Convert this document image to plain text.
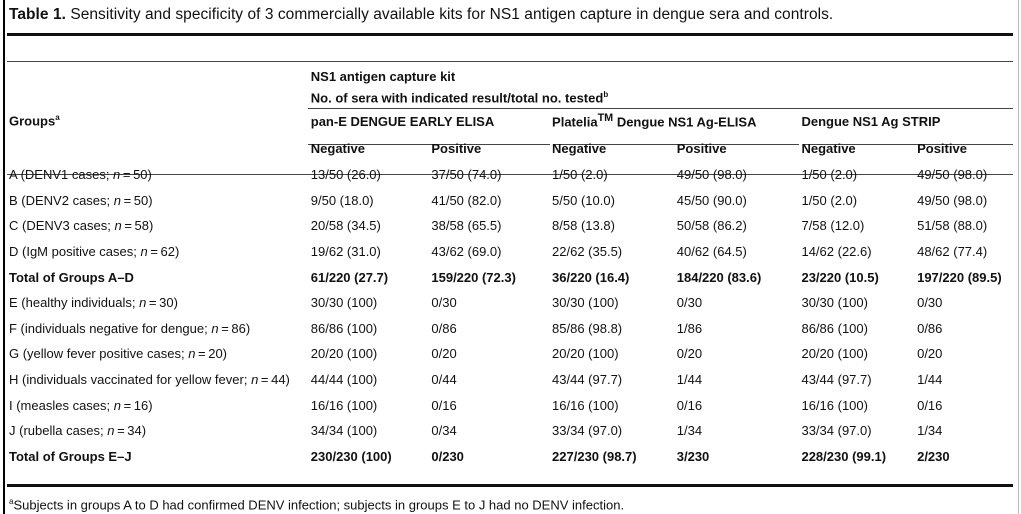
Table 1. Sensitivity and specificity of 3 commercially available kits for NS1 antigen capture in dengue sera and controls.
	NS1 antigen capture kit
No. of sera with indicated result/total no. tested$^b$
Groups$^a$	pan-E DENGUE EARLY ELISA		Platelia™ Dengue NS1 Ag-ELISA		Dengue NS1 Ag STRIP	
	Negative	Positive	Negative	Positive	Negative	Positive
A (DENV1 cases; n = 50)	13/50 (26.0)	37/50 (74.0)	1/50 (2.0)	49/50 (98.0)	1/50 (2.0)	49/50 (98.0)
B (DENV2 cases; n = 50)	9/50 (18.0)	41/50 (82.0)	5/50 (10.0)	45/50 (90.0)	1/50 (2.0)	49/50 (98.0)
C (DENV3 cases; n = 58)	20/58 (34.5)	38/58 (65.5)	8/58 (13.8)	50/58 (86.2)	7/58 (12.0)	51/58 (88.0)
D (IgM positive cases; n = 62)	19/62 (31.0)	43/62 (69.0)	22/62 (35.5)	40/62 (64.5)	14/62 (22.6)	48/62 (77.4)
Total of Groups A–D	61/220 (27.7)	159/220 (72.3)	36/220 (16.4)	184/220 (83.6)	23/220 (10.5)	197/220 (89.5)
E (healthy individuals; n = 30)	30/30 (100)	0/30	30/30 (100)	0/30	30/30 (100)	0/30
F (individuals negative for dengue; n = 86)	86/86 (100)	0/86	85/86 (98.8)	1/86	86/86 (100)	0/86
G (yellow fever positive cases; n = 20)	20/20 (100)	0/20	20/20 (100)	0/20	20/20 (100)	0/20
H (individuals vaccinated for yellow fever; n = 44)	44/44 (100)	0/44	43/44 (97.7)	1/44	43/44 (97.7)	1/44
I (measles cases; n = 16)	16/16 (100)	0/16	16/16 (100)	0/16	16/16 (100)	0/16
J (rubella cases; n = 34)	34/34 (100)	0/34	33/34 (97.0)	1/34	33/34 (97.0)	1/34
Total of Groups E–J	230/230 (100)	0/230	227/230 (98.7)	3/230	228/230 (99.1)	2/230
$^a$Subjects in groups A to D had confirmed DENV infection; subjects in groups E to J had no DENV infection.
